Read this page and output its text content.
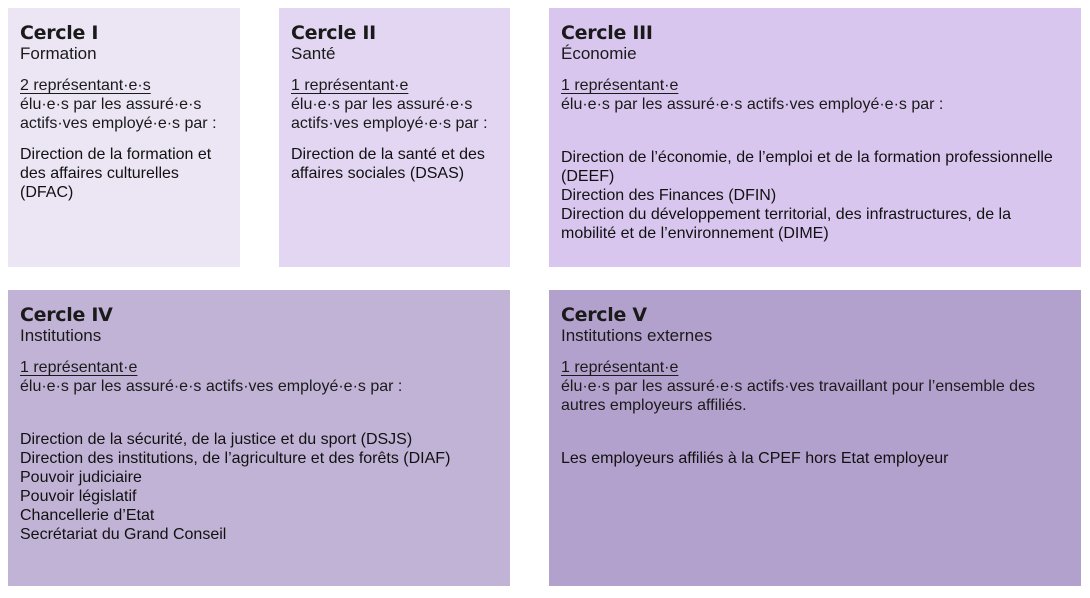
Cercle I
Formation
2 représentant·e·s

élu·e·s par les assuré·e·s actifs·ves employé·e·s par :

Direction de la formation et des affaires culturelles (DFAC)
Cercle II
Santé
1 représentant·e

élu·e·s par les assuré·e·s actifs·ves employé·e·s par :

Direction de la santé et des affaires sociales (DSAS)
Cercle III
Économie
1 représentant·e

élu·e·s par les assuré·e·s actifs·ves employé·e·s par :

Direction de l’économie, de l’emploi et de la formation professionnelle (DEEF)
Direction des Finances (DFIN)
Direction du développement territorial, des infrastructures, de la mobilité et de l’environnement (DIME)
Cercle IV
Institutions
1 représentant·e

élu·e·s par les assuré·e·s actifs·ves employé·e·s par :

Direction de la sécurité, de la justice et du sport (DSJS)
Direction des institutions, de l’agriculture et des forêts (DIAF)
Pouvoir judiciaire
Pouvoir législatif
Chancellerie d’Etat
Secrétariat du Grand Conseil
Cercle V
Institutions externes
1 représentant·e

élu·e·s par les assuré·e·s actifs·ves travaillant pour l’ensemble des autres employeurs affiliés.

Les employeurs affiliés à la CPEF hors Etat employeur
